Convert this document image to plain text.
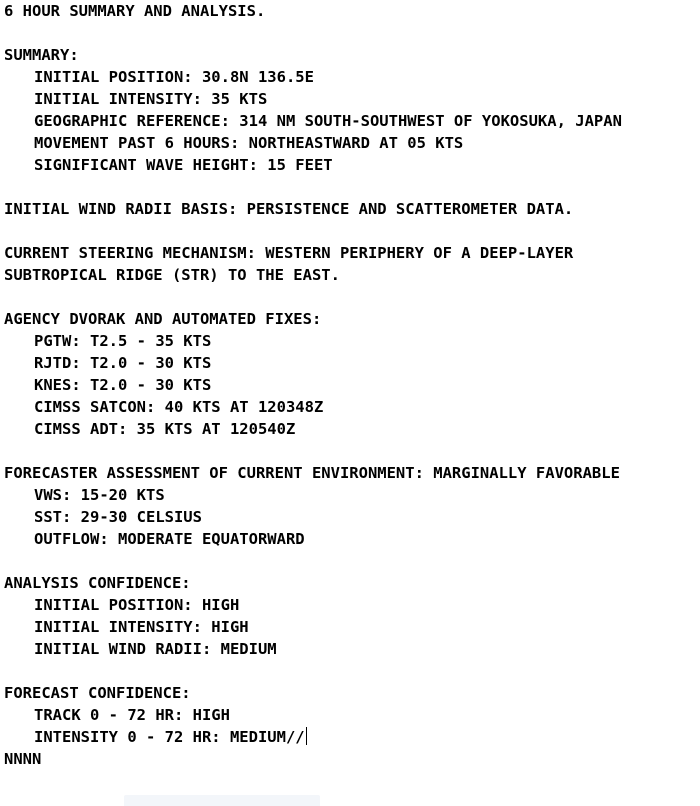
6 HOUR SUMMARY AND ANALYSIS.
SUMMARY:
INITIAL POSITION: 30.8N 136.5E
INITIAL INTENSITY: 35 KTS
GEOGRAPHIC REFERENCE: 314 NM SOUTH-SOUTHWEST OF YOKOSUKA, JAPAN
MOVEMENT PAST 6 HOURS: NORTHEASTWARD AT 05 KTS
SIGNIFICANT WAVE HEIGHT: 15 FEET
INITIAL WIND RADII BASIS: PERSISTENCE AND SCATTEROMETER DATA.
CURRENT STEERING MECHANISM: WESTERN PERIPHERY OF A DEEP-LAYER
SUBTROPICAL RIDGE (STR) TO THE EAST.
AGENCY DVORAK AND AUTOMATED FIXES:
PGTW: T2.5 - 35 KTS
RJTD: T2.0 - 30 KTS
KNES: T2.0 - 30 KTS
CIMSS SATCON: 40 KTS AT 120348Z
CIMSS ADT: 35 KTS AT 120540Z
FORECASTER ASSESSMENT OF CURRENT ENVIRONMENT: MARGINALLY FAVORABLE
VWS: 15-20 KTS
SST: 29-30 CELSIUS
OUTFLOW: MODERATE EQUATORWARD
ANALYSIS CONFIDENCE:
INITIAL POSITION: HIGH
INITIAL INTENSITY: HIGH
INITIAL WIND RADII: MEDIUM
FORECAST CONFIDENCE:
TRACK 0 - 72 HR: HIGH
INTENSITY 0 - 72 HR: MEDIUM//
NNNN
